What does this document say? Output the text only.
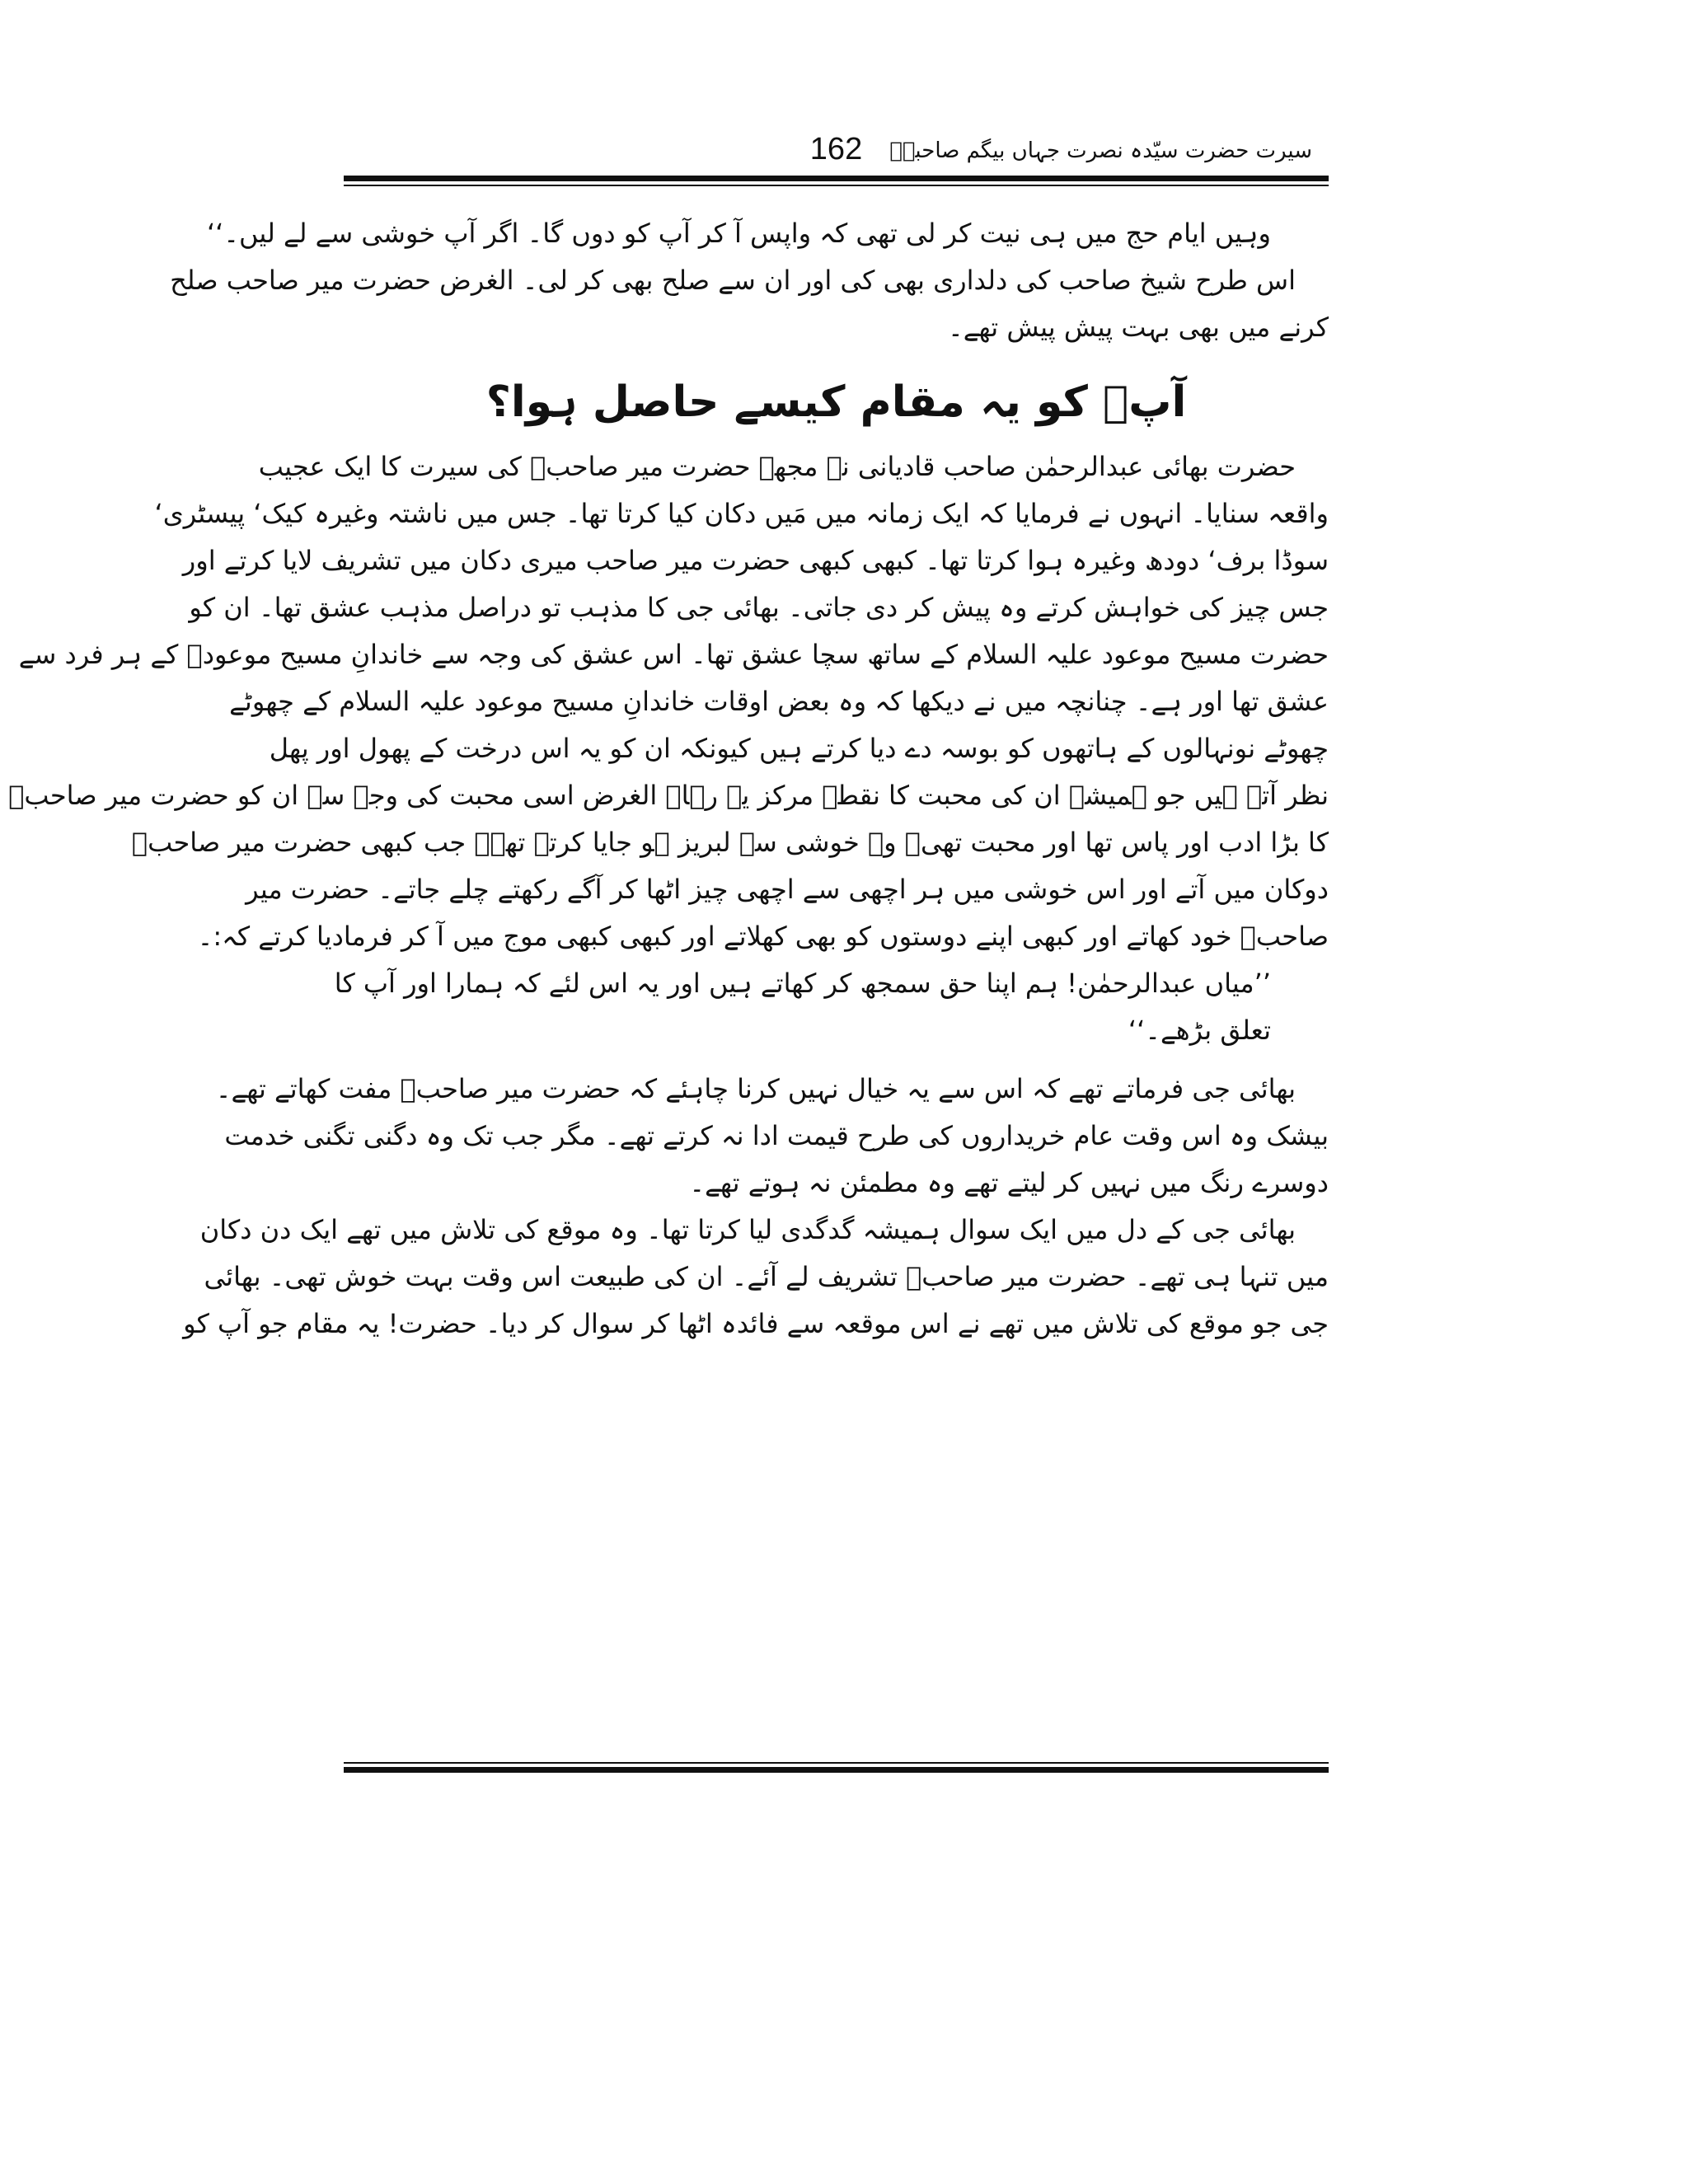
سیرت حضرت سیّدہ نصرت جہاں بیگم صاحبہؓ
162

وہیں ایام حج میں ہی نیت کر لی تھی کہ واپس آ کر آپ کو دوں گا۔ اگر آپ خوشی سے لے لیں۔‘‘

اس طرح شیخ صاحب کی دلداری بھی کی اور ان سے صلح بھی کر لی۔ الغرض حضرت میر صاحب صلح

کرنے میں بھی بہت پیش پیش تھے۔

آپؓ کو یہ مقام کیسے حاصل ہوا؟

حضرت بھائی عبدالرحمٰن صاحب قادیانی نے مجھے حضرت میر صاحبؓ کی سیرت کا ایک عجیب

واقعہ سنایا۔ انہوں نے فرمایا کہ ایک زمانہ میں مَیں دکان کیا کرتا تھا۔ جس میں ناشتہ وغیرہ کیک‘ پیسٹری‘

سوڈا برف‘ دودھ وغیرہ ہوا کرتا تھا۔ کبھی کبھی حضرت میر صاحب میری دکان میں تشریف لایا کرتے اور

جس چیز کی خواہش کرتے وہ پیش کر دی جاتی۔ بھائی جی کا مذہب تو دراصل مذہب عشق تھا۔ ان کو

حضرت مسیح موعود علیہ السلام کے ساتھ سچا عشق تھا۔ اس عشق کی وجہ سے خاندانِ مسیح موعودؑ کے ہر فرد سے

عشق تھا اور ہے۔ چنانچہ میں نے دیکھا کہ وہ بعض اوقات خاندانِ مسیح موعود علیہ السلام کے چھوٹے

چھوٹے نونہالوں کے ہاتھوں کو بوسہ دے دیا کرتے ہیں کیونکہ ان کو یہ اس درخت کے پھول اور پھل

نظر آتے ہیں جو ہمیشہ ان کی محبت کا نقطہ مرکز یہ رہا۔ الغرض اسی محبت کی وجہ سے ان کو حضرت میر صاحبؓ

کا بڑا ادب اور پاس تھا اور محبت تھی۔ وہ خوشی سے لبریز ہو جایا کرتے تھے۔ جب کبھی حضرت میر صاحبؓ

دوکان میں آتے اور اس خوشی میں ہر اچھی سے اچھی چیز اٹھا کر آگے رکھتے چلے جاتے۔ حضرت میر

صاحبؓ خود کھاتے اور کبھی اپنے دوستوں کو بھی کھلاتے اور کبھی کبھی موج میں آ کر فرمادیا کرتے کہ:۔

’’میاں عبدالرحمٰن! ہم اپنا حق سمجھ کر کھاتے ہیں اور یہ اس لئے کہ ہمارا اور آپ کا

تعلق بڑھے۔‘‘

بھائی جی فرماتے تھے کہ اس سے یہ خیال نہیں کرنا چاہئے کہ حضرت میر صاحبؓ مفت کھاتے تھے۔

بیشک وہ اس وقت عام خریداروں کی طرح قیمت ادا نہ کرتے تھے۔ مگر جب تک وہ دگنی تگنی خدمت

دوسرے رنگ میں نہیں کر لیتے تھے وہ مطمئن نہ ہوتے تھے۔

بھائی جی کے دل میں ایک سوال ہمیشہ گدگدی لیا کرتا تھا۔ وہ موقع کی تلاش میں تھے ایک دن دکان

میں تنہا ہی تھے۔ حضرت میر صاحبؓ تشریف لے آئے۔ ان کی طبیعت اس وقت بہت خوش تھی۔ بھائی

جی جو موقع کی تلاش میں تھے نے اس موقعہ سے فائدہ اٹھا کر سوال کر دیا۔ حضرت! یہ مقام جو آپ کو
